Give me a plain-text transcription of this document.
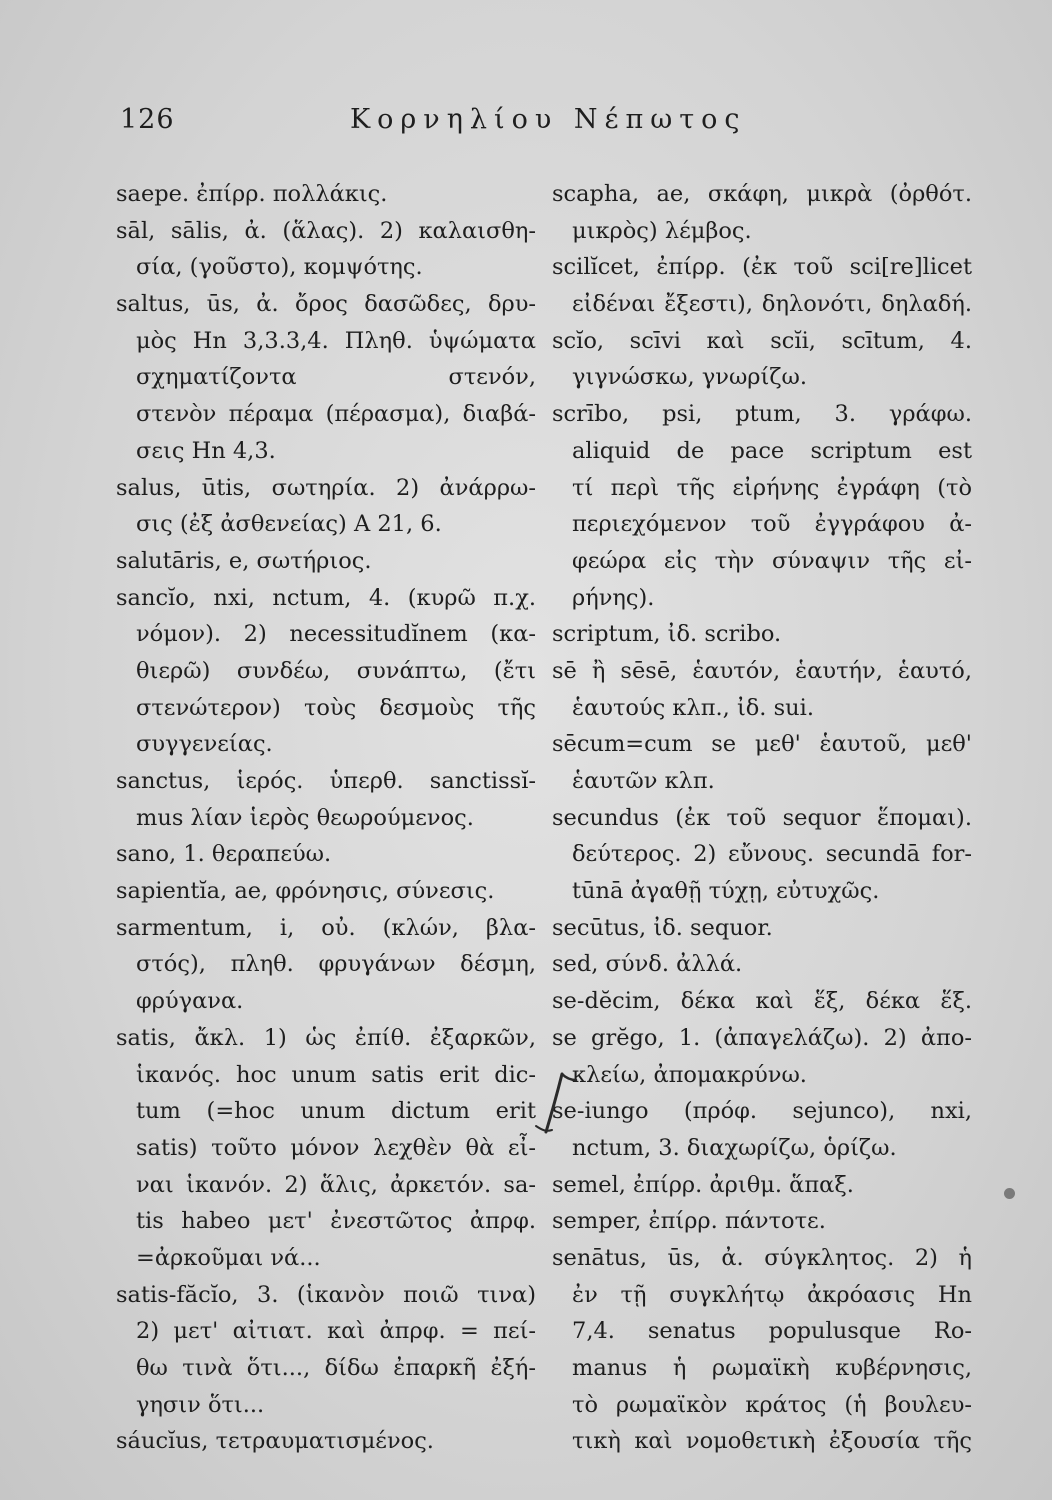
126	Κορνηλίου Νέπωτος
saepe. ἐπίρρ. πολλάκις.
sāl, sālis, ἀ. (ἅλας). 2) καλαισθη-
σία, (γοῦστο), κομψότης.
saltus, ūs, ἀ. ὄρος δασῶδες, δρυ-
μὸς Hn 3,3.3,4. Πληθ. ὑψώματα
σχηματίζοντα στενόν,
στενὸν πέραμα (πέρασμα), διαβά-
σεις Hn 4,3.
salus, ūtis, σωτηρία. 2) ἀνάρρω-
σις (ἐξ ἀσθενείας) A 21, 6.
salutāris, e, σωτήριος.
sancĭo, nxi, nctum, 4. (κυρῶ π.χ.
νόμον). 2) necessitudĭnem (κα-
θιερῶ) συνδέω, συνάπτω, (ἔτι
στενώτερον) τοὺς δεσμοὺς τῆς
συγγενείας.
sanctus, ἱερός. ὑπερθ. sanctissĭ-
mus λίαν ἱερὸς θεωρούμενος.
sano, 1. θεραπεύω.
sapientĭa, ae, φρόνησις, σύνεσις.
sarmentum, i, οὐ. (κλών, βλα-
στός), πληθ. φρυγάνων δέσμη,
φρύγανα.
satis, ἄκλ. 1) ὡς ἐπίθ. ἐξαρκῶν,
ἱκανός. hoc unum satis erit dic-
tum (=hoc unum dictum erit
satis) τοῦτο μόνον λεχθὲν θὰ εἶ-
ναι ἱκανόν. 2) ἅλις, ἀρκετόν. sa-
tis habeo μετ' ἐνεστῶτος ἀπρφ.
=ἀρκοῦμαι νά...
satis-făcĭo, 3. (ἱκανὸν ποιῶ τινα)
2) μετ' αἰτιατ. καὶ ἀπρφ. = πεί-
θω τινὰ ὅτι..., δίδω ἐπαρκῆ ἐξή-
γησιν ὅτι...
sáucĭus, τετραυματισμένος.
scapha, ae, σκάφη, μικρὰ (ὀρθότ.
μικρὸς) λέμβος.
scilĭcet, ἐπίρρ. (ἐκ τοῦ sci[re]licet
εἰδέναι ἔξεστι), δηλονότι, δηλαδή.
scĭo, scīvi καὶ scĭi, scītum, 4.
γιγνώσκω, γνωρίζω.
scrībo, psi, ptum, 3. γράφω.
aliquid de pace scriptum est
τί περὶ τῆς εἰρήνης ἐγράφη (τὸ
περιεχόμενον τοῦ ἐγγράφου ἀ-
φεώρα εἰς τὴν σύναψιν τῆς εἰ-
ρήνης).
scriptum, ἰδ. scribo.
sē ἢ sēsē, ἑαυτόν, ἑαυτήν, ἑαυτό,
ἑαυτούς κλπ., ἰδ. sui.
sēcum=cum se μεθ' ἑαυτοῦ, μεθ'
ἑαυτῶν κλπ.
secundus (ἐκ τοῦ sequor ἕπομαι).
δεύτερος. 2) εὔνους. secundā for-
tūnā ἀγαθῇ τύχῃ, εὐτυχῶς.
secūtus, ἰδ. sequor.
sed, σύνδ. ἀλλά.
se-dĕcim, δέκα καὶ ἕξ, δέκα ἕξ.
se grĕgo, 1. (ἀπαγελάζω). 2) ἀπο-
κλείω, ἀπομακρύνω.
se-iungo (πρόφ. sejunco), nxi,
nctum, 3. διαχωρίζω, ὁρίζω.
semel, ἐπίρρ. ἀριθμ. ἅπαξ.
semper, ἐπίρρ. πάντοτε.
senātus, ūs, ἀ. σύγκλητος. 2) ἡ
ἐν τῇ συγκλήτῳ ἀκρόασις Hn
7,4. senatus populusque Ro-
manus ἡ ρωμαϊκὴ κυβέρνησις,
τὸ ρωμαϊκὸν κράτος (ἡ βουλευ-
τικὴ καὶ νομοθετικὴ ἐξουσία τῆς
